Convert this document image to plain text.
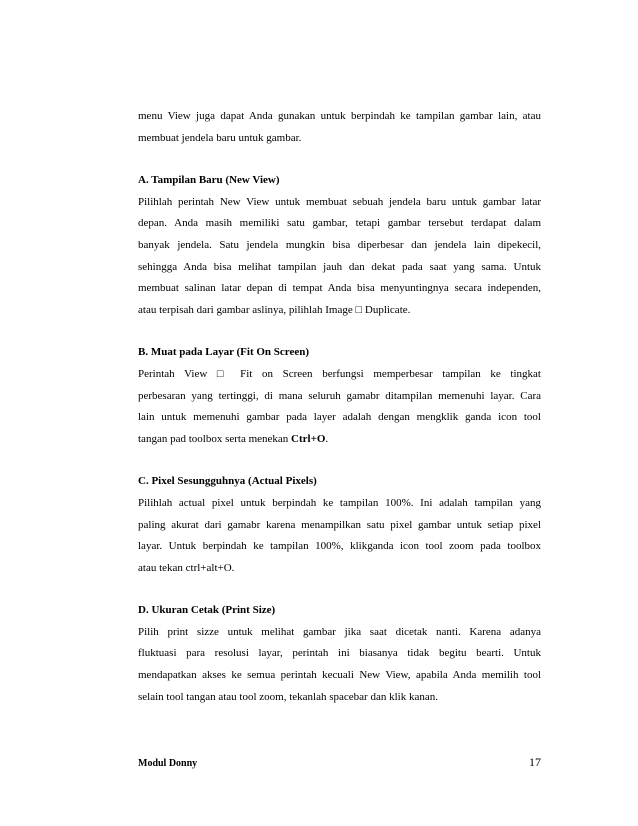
menu View juga dapat Anda gunakan untuk berpindah ke tampilan gambar lain, atau
membuat jendela baru untuk gambar.

A. Tampilan Baru (New View)

Pilihlah perintah New View untuk membuat sebuah jendela baru untuk gambar latar
depan. Anda masih memiliki satu gambar, tetapi gambar tersebut terdapat dalam
banyak jendela. Satu jendela mungkin bisa diperbesar dan jendela lain dipekecil,
sehingga Anda bisa melihat tampilan jauh dan dekat pada saat yang sama. Untuk
membuat salinan latar depan di tempat Anda bisa menyuntingnya secara independen,
atau terpisah dari gambar aslinya, pilihlah Image □ Duplicate.

B. Muat pada Layar (Fit On Screen)

Perintah View □ Fit on Screen berfungsi memperbesar tampilan ke tingkat
perbesaran yang tertinggi, di mana seluruh gamabr ditampilan memenuhi layar. Cara
lain untuk memenuhi gambar pada layer adalah dengan mengklik ganda icon tool
tangan pad toolbox serta menekan Ctrl+O.

C. Pixel Sesungguhnya (Actual Pixels)

Pilihlah actual pixel untuk berpindah ke tampilan 100%. Ini adalah tampilan yang
paling akurat dari gamabr karena menampilkan satu pixel gambar untuk setiap pixel
layar. Untuk berpindah ke tampilan 100%, klikganda icon tool zoom pada toolbox
atau tekan ctrl+alt+O.

D. Ukuran Cetak (Print Size)

Pilih print sizze untuk melihat gambar jika saat dicetak nanti. Karena adanya
fluktuasi para resolusi layar, perintah ini biasanya tidak begitu bearti. Untuk
mendapatkan akses ke semua perintah kecuali New View, apabila Anda memilih tool
selain tool tangan atau tool zoom, tekanlah spacebar dan klik kanan.

Modul Donny	17
